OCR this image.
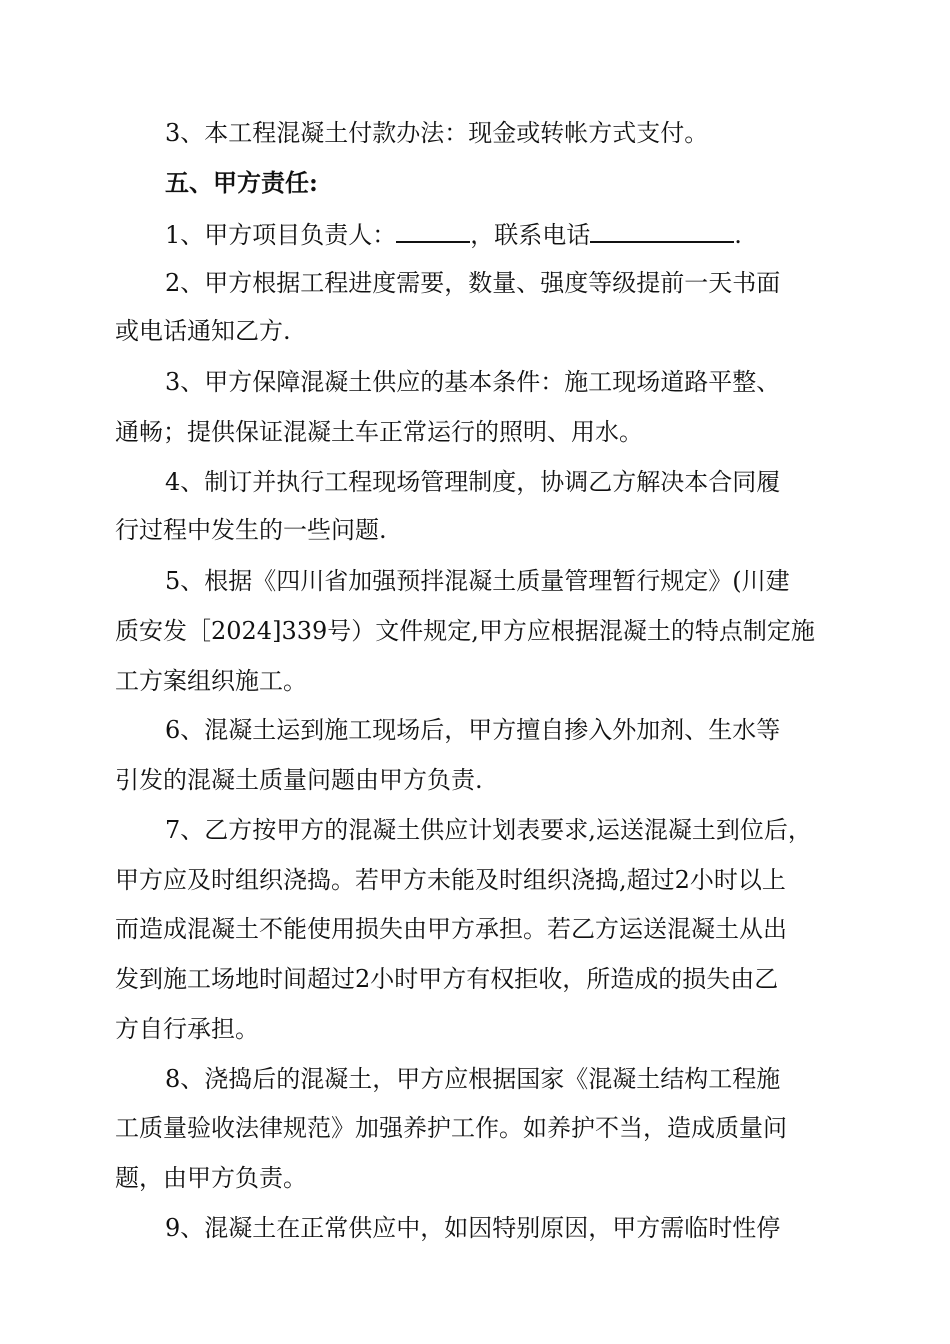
3、本工程混凝土付款办法：现金或转帐方式支付。
五、甲方责任:
1、甲方项目负责人：	，联系电话	.
2、甲方根据工程进度需要，数量、强度等级提前一天书面
或电话通知乙方.
3、甲方保障混凝土供应的基本条件：施工现场道路平整、
通畅；提供保证混凝土车正常运行的照明、用水。
4、制订并执行工程现场管理制度，协调乙方解决本合同履
行过程中发生的一些问题.
5、根据《四川省加强预拌混凝土质量管理暂行规定》(川建
质安发［2024]339号）文件规定,甲方应根据混凝土的特点制定施
工方案组织施工。
6、混凝土运到施工现场后，甲方擅自掺入外加剂、生水等
引发的混凝土质量问题由甲方负责.
7、乙方按甲方的混凝土供应计划表要求,运送混凝土到位后，
甲方应及时组织浇捣。若甲方未能及时组织浇捣,超过2小时以上
而造成混凝土不能使用损失由甲方承担。若乙方运送混凝土从出
发到施工场地时间超过2小时甲方有权拒收，所造成的损失由乙
方自行承担。
8、浇捣后的混凝土，甲方应根据国家《混凝土结构工程施
工质量验收法律规范》加强养护工作。如养护不当，造成质量问
题，由甲方负责。
9、混凝土在正常供应中，如因特别原因，甲方需临时性停
